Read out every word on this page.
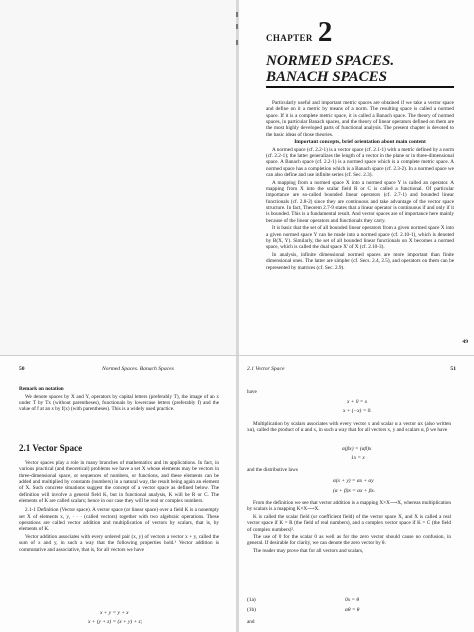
CHAPTER 2
NORMED SPACES.
BANACH SPACES

Particularly useful and important metric spaces are obtained if we take a vector space and define on it a metric by means of a norm. The resulting space is called a normed space. If it is a complete metric space, it is called a Banach space. The theory of normed spaces, in particular Banach spaces, and the theory of linear operators defined on them are the most highly developed parts of functional analysis. The present chapter is devoted to the basic ideas of those theories.

Important concepts, brief orientation about main content

A normed space (cf. 2.2-1) is a vector space (cf. 2.1-1) with a metric defined by a norm (cf. 2.2-1); the latter generalizes the length of a vector in the plane or in three-dimensional space. A Banach space (cf. 2.2-1) is a normed space which is a complete metric space. A normed space has a completion which is a Banach space (cf. 2.3-2). In a normed space we can also define and use infinite series (cf. Sec. 2.3).

A mapping from a normed space X into a normed space Y is called an operator. A mapping from X into the scalar field R or C is called a functional. Of particular importance are so-called bounded linear operators (cf. 2.7-1) and bounded linear functionals (cf. 2.8-2) since they are continuous and take advantage of the vector space structure. In fact, Theorem 2.7-9 states that a linear operator is continuous if and only if it is bounded. This is a fundamental result. And vector spaces are of importance here mainly because of the linear operators and functionals they carry.

It is basic that the set of all bounded linear operators from a given normed space X into a given normed space Y can be made into a normed space (cf. 2.10-1), which is denoted by B(X, Y). Similarly, the set of all bounded linear functionals on X becomes a normed space, which is called the dual space X' of X (cf. 2.10-3).

In analysis, infinite dimensional normed spaces are more important than finite dimensional ones. The latter are simpler (cf. Secs. 2.4, 2.5), and operators on them can be represented by matrices (cf. Sec. 2.9).

49
50	Normed Spaces. Banach Spaces

Remark on notation

We denote spaces by X and Y, operators by capital letters (preferably T), the image of an x under T by Tx (without parentheses), functionals by lowercase letters (preferably f) and the value of f at an x by f(x) (with parentheses). This is a widely used practice.

2.1 Vector Space

Vector spaces play a role in many branches of mathematics and its applications. In fact, in various practical (and theoretical) problems we have a set X whose elements may be vectors in three-dimensional space, or sequences of numbers, or functions, and these elements can be added and multiplied by constants (numbers) in a natural way, the result being again an element of X. Such concrete situations suggest the concept of a vector space as defined below. The definition will involve a general field K, but in functional analysis, K will be R or C. The elements of K are called scalars; hence in our case they will be real or complex numbers.

2.1-1 Definition (Vector space). A vector space (or linear space) over a field K is a nonempty set X of elements x, y, · · · (called vectors) together with two algebraic operations. These operations are called vector addition and multiplication of vectors by scalars, that is, by elements of K.

Vector addition associates with every ordered pair (x, y) of vectors a vector x + y, called the sum of x and y, in such a way that the following properties hold.¹ Vector addition is commutative and associative, that is, for all vectors we have

x + y = y + x
x + (y + z) = (x + y) + z;
2.1 Vector Space	51
have
x + 0 = x
x + (−x) = 0.

Multiplication by scalars associates with every vector x and scalar α a vector αx (also written xα), called the product of α and x, in such a way that for all vectors x, y and scalars α, β we have

α(βx) = (αβ)x
1x = x
and the distributive laws
α(x + y) = αx + αy
(α + β)x = αx + βx.

From the definition we see that vector addition is a mapping X×X⟶X, whereas multiplication by scalars is a mapping K×X⟶X.

K is called the scalar field (or coefficient field) of the vector space X, and X is called a real vector space if K = R (the field of real numbers), and a complex vector space if K = C (the field of complex numbers)².

The use of 0 for the scalar 0 as well as for the zero vector should cause no confusion, in general. If desirable for clarity, we can denote the zero vector by θ.

The reader may prove that for all vectors and scalars,

(1a)	0x = θ
(1b)	αθ = θ
and
